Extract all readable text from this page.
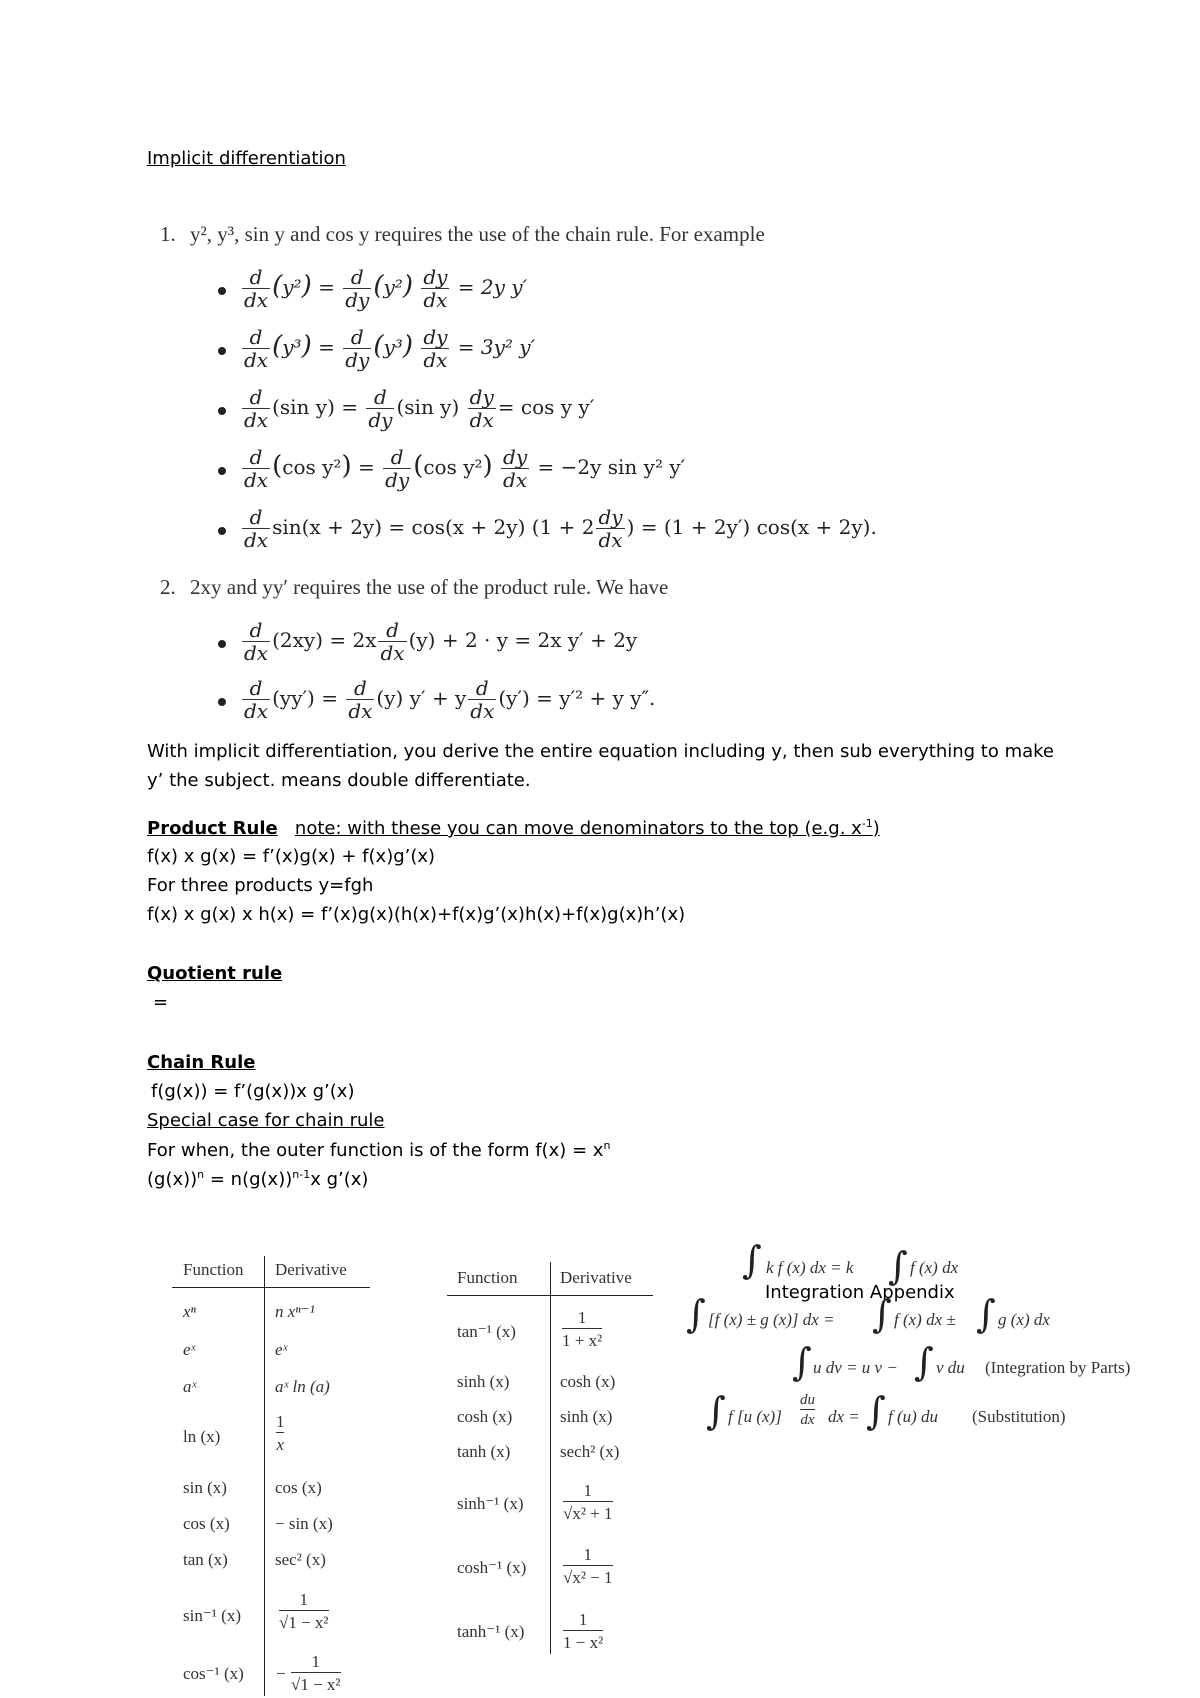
Implicit differentiation
1. y², y³, sin y and cos y requires the use of the chain rule. For example
$\frac{d}{dx} (y^2) = \frac{d}{dy} (y^2) \frac{dy}{dx} = 2y$ y′
$\frac{d}{dx} (y^3) = \frac{d}{dy} (y^3) \frac{dy}{dx} = 3y^2$ y′
$\frac{d}{dx} (\sin$ $y) = \frac{d}{dy} (\sin$ $y) \frac{dy}{dx} = \cos y$ y′
$\frac{d}{dx} (\cos$ $y^2) = \frac{d}{dy} (\cos$ $y^2) \frac{dy}{dx} = -2y$ sin y² y′
$\frac{d}{dx} \sin(x + 2y) = \cos(x + 2y) (1 + 2 \frac{dy}{dx}$ ) = (1 + 2y′) cos(x + 2y).
2. 2xy and yy′ requires the use of the product rule. We have
$\frac{d}{dx} (2xy) = 2x \frac{d}{dx} (y) + 2 \cdot y = 2x$ y′ + 2y
$\frac{d}{dx} (yy') = \frac{d}{dx} (y) y' + y \frac{d}{dx} (y') = y'^2 + y$ y″.
With implicit differentiation, you derive the entire equation including y, then sub everything to make
y’ the subject. means double differentiate.
Product Rule note: with these you can move denominators to the top (e.g. $x^{-1}$)
f(x) x g(x) = f’(x)g(x) + f(x)g’(x)
For three products y=fgh
f(x) x g(x) x h(x) = f’(x)g(x)(h(x)+f(x)g’(x)h(x)+f(x)g(x)h’(x)
Quotient rule
=
Chain Rule
f(g(x)) = f’(g(x))x g’(x)
Special case for chain rule
For when, the outer function is of the form $f(x) = x^n$
$(g(x))^n = n(g(x))^{n-1}x$ g’(x)
Function Derivative
xⁿ	n xⁿ⁻¹
eˣ	eˣ
aˣ	aˣ ln (a)
ln (x)	$\frac{1}{x}$
sin (x)	cos (x)
cos (x)	− sin (x)
tan (x)	sec² (x)
sin⁻¹ $(x) \frac{1}{\text{√1 − x²}}$
cos⁻¹ $(x) - \frac{1}{\text{√1 − x²}}$
Function	Derivative
tan⁻¹ (x)	$\frac{1}{\text{1 + x²}}$
sinh (x)	cosh (x)
cosh (x)	sinh (x)
tanh (x)	sech² (x)
sinh⁻¹ $(x) \frac{1}{\text{√x² + 1}}$
cosh⁻¹ $(x) \frac{1}{\text{√x² − 1}}$
tanh⁻¹ $(x) \frac{1}{\text{1 − x²}}$
∫ k f (x) dx = k ∫ f (x) dx
Integration Appendix
∫ [f (x) ± g (x)] dx = ∫ f (x) dx ± ∫ g (x) dx
∫ u dv = u v − ∫ v du (Integration by Parts)
∫ f [u $(x)] \frac{du}{dx}$ dx = ∫ f (u) du (Substitution)
